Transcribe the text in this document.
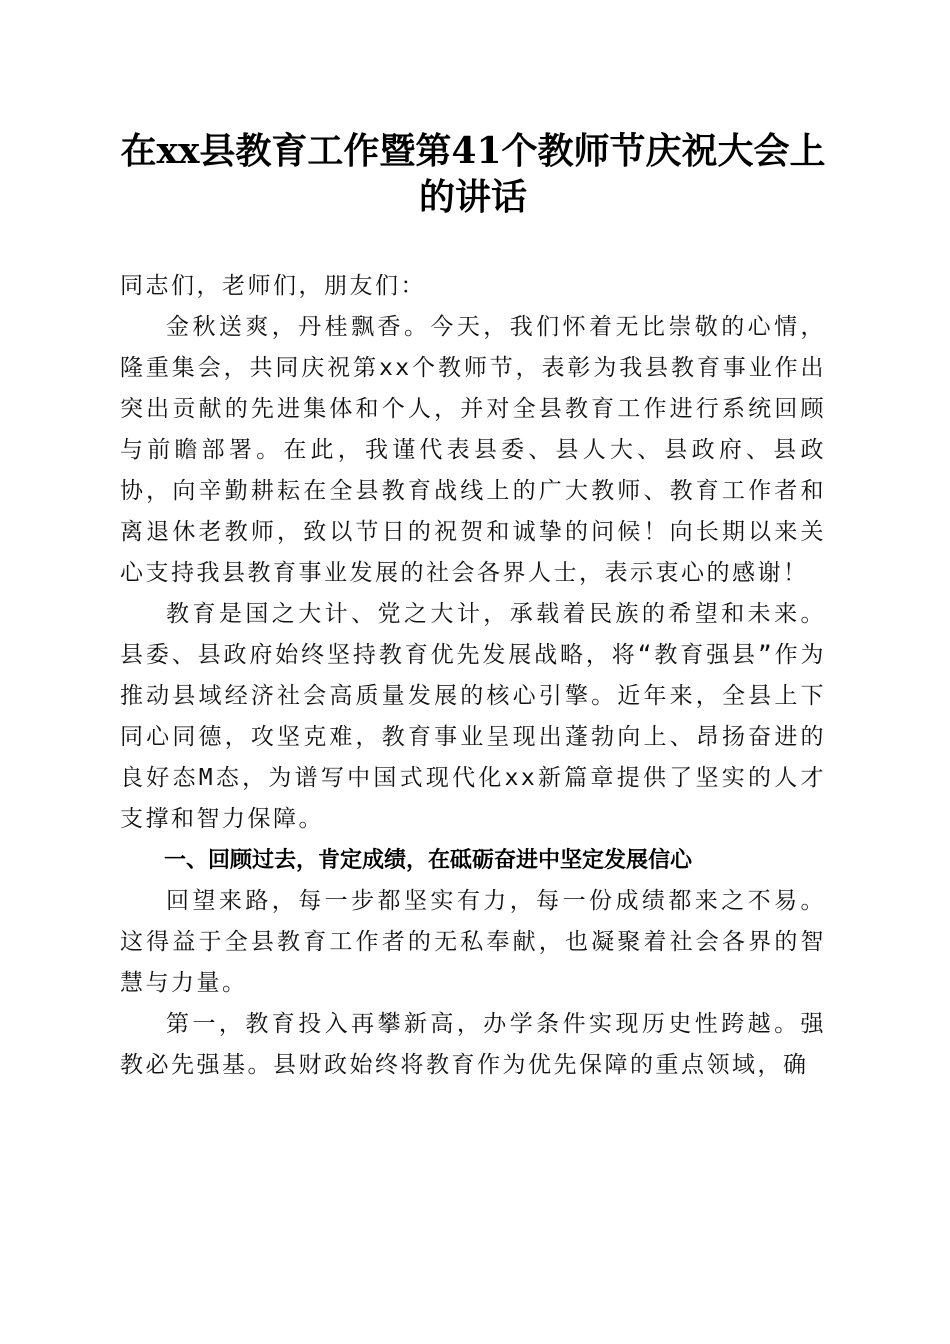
在xx县教育工作暨第41个教师节庆祝大会上的讲话

同志们，老师们，朋友们：

金秋送爽，丹桂飘香。今天，我们怀着无比崇敬的心情，隆重集会，共同庆祝第xx个教师节，表彰为我县教育事业作出突出贡献的先进集体和个人，并对全县教育工作进行系统回顾与前瞻部署。在此，我谨代表县委、县人大、县政府、县政协，向辛勤耕耘在全县教育战线上的广大教师、教育工作者和离退休老教师，致以节日的祝贺和诚挚的问候！向长期以来关心支持我县教育事业发展的社会各界人士，表示衷心的感谢！

教育是国之大计、党之大计，承载着民族的希望和未来。县委、县政府始终坚持教育优先发展战略，将“教育强县”作为推动县域经济社会高质量发展的核心引擎。近年来，全县上下同心同德，攻坚克难，教育事业呈现出蓬勃向上、昂扬奋进的良好态M态，为谱写中国式现代化xx新篇章提供了坚实的人才支撑和智力保障。

一、回顾过去，肯定成绩，在砥砺奋进中坚定发展信心

回望来路，每一步都坚实有力，每一份成绩都来之不易。这得益于全县教育工作者的无私奉献，也凝聚着社会各界的智慧与力量。

第一，教育投入再攀新高，办学条件实现历史性跨越。强教必先强基。县财政始终将教育作为优先保障的重点领域，确
